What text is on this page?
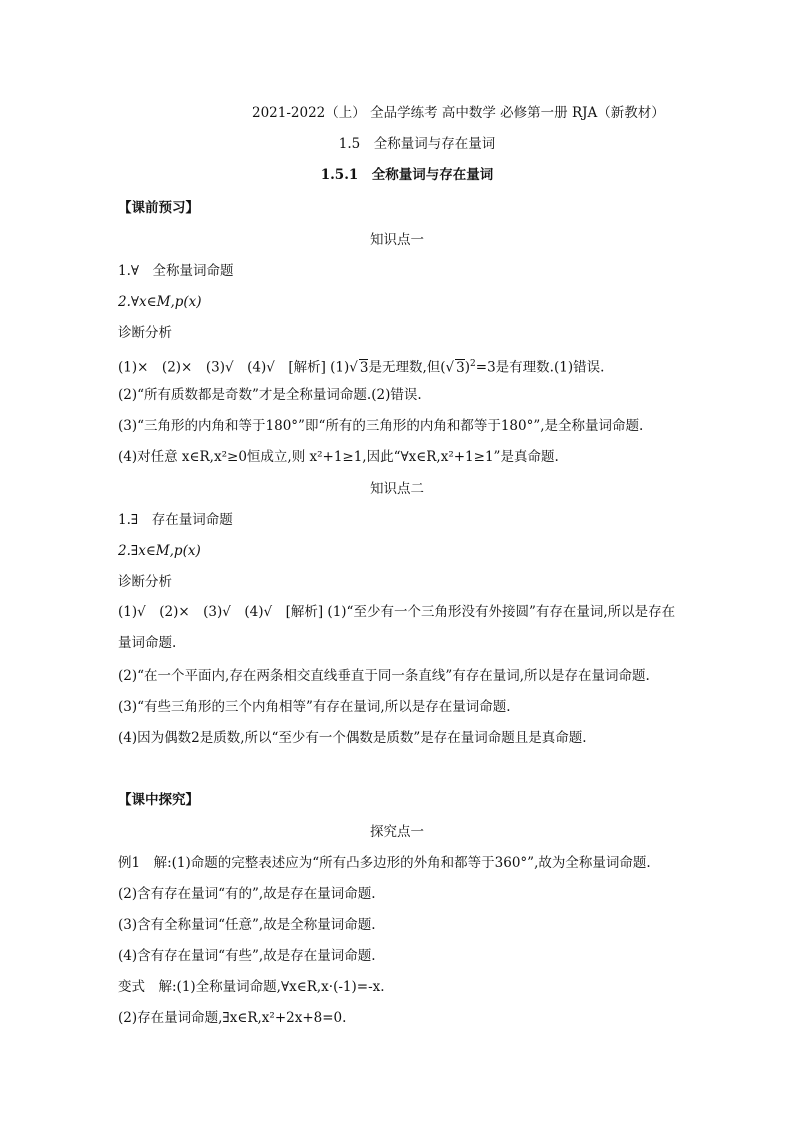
2021-2022（上） 全品学练考 高中数学 必修第一册 RJA（新教材）
1.5　全称量词与存在量词
1.5.1　全称量词与存在量词
【课前预习】
知识点一
1.∀　全称量词命题
2.∀x∈M,p(x)
诊断分析
(1)×　(2)×　(3)√　(4)√　[解析] (1)√ 3是无理数,但(√ 3)$^2$=3是有理数.(1)错误.
(2)“所有质数都是奇数”才是全称量词命题.(2)错误.
(3)“三角形的内角和等于180°”即“所有的三角形的内角和都等于180°”,是全称量词命题.
(4)对任意 x∈R,x²≥0恒成立,则 x²+1≥1,因此“∀x∈R,x²+1≥1”是真命题.
知识点二
1.∃　存在量词命题
2.∃x∈M,p(x)
诊断分析
(1)√　(2)×　(3)√　(4)√　[解析] (1)“至少有一个三角形没有外接圆”有存在量词,所以是存在量词命题.
(2)“在一个平面内,存在两条相交直线垂直于同一条直线”有存在量词,所以是存在量词命题.
(3)“有些三角形的三个内角相等”有存在量词,所以是存在量词命题.
(4)因为偶数2是质数,所以“至少有一个偶数是质数”是存在量词命题且是真命题.
【课中探究】
探究点一
例1　解:(1)命题的完整表述应为“所有凸多边形的外角和都等于360°”,故为全称量词命题.
(2)含有存在量词“有的”,故是存在量词命题.
(3)含有全称量词“任意”,故是全称量词命题.
(4)含有存在量词“有些”,故是存在量词命题.
变式　解:(1)全称量词命题,∀x∈R,x·(-1)=-x.
(2)存在量词命题,∃x∈R,x²+2x+8=0.
